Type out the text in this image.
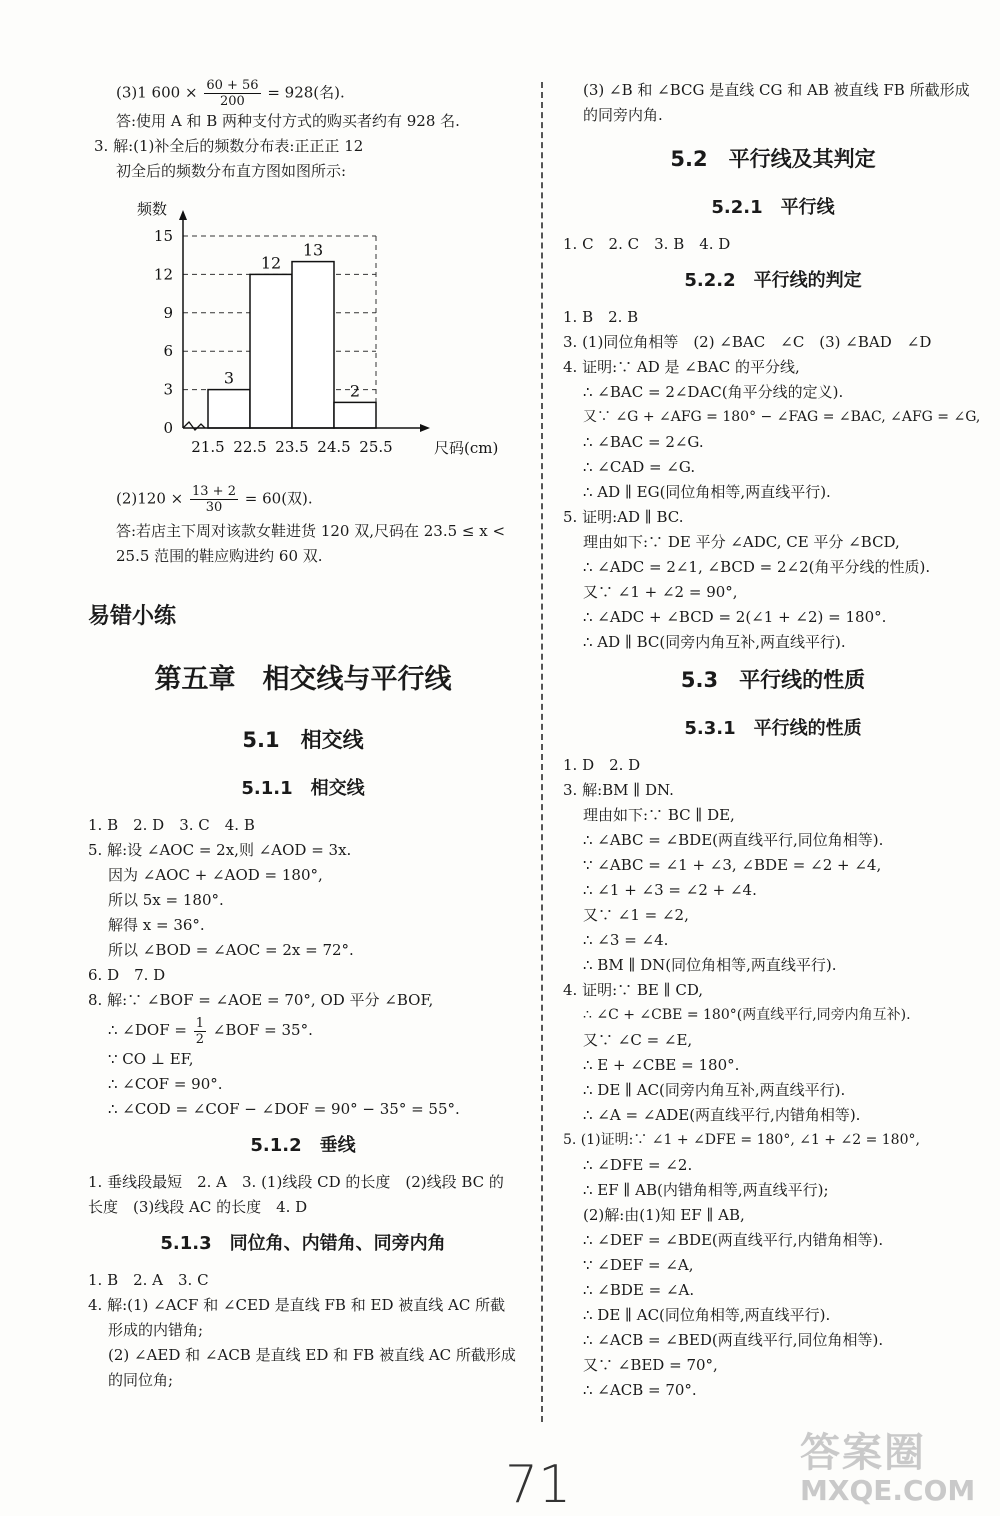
(3)1 $600 \times \frac{60 + 56}{200} = 928$(名).
答:使用 A 和 B 两种支付方式的购买者约有 928 名.
3. 解:(1)补全后的频数分布表:正正正 12
初全后的频数分布直方图如图所示:
3
12
13
2
0
3
6
9
12
15
21.5 22.5 23.5 24.5 25.5
频数
尺码(cm)
$(2)120 \times \frac{13 + 2}{30} = 60$(双).
答:若店主下周对该款女鞋进货 120 双,尺码在 23.5 ≤ x < 25.5 范围的鞋应购进约 60 双.
易错小练
第五章　相交线与平行线
5.1　相交线
5.1.1　相交线
1. B　2. D　3. C　4. B
5. 解:设 ∠AOC = 2x,则 ∠AOD = 3x.
因为 ∠AOC + ∠AOD = 180°,
所以 5x = 180°.
解得 x = 36°.
所以 ∠BOD = ∠AOC = 2x = 72°.
6. D　7. D
8. 解:∵ ∠BOF = ∠AOE = 70°, OD 平分 ∠BOF,
∴ ∠DOF = $\frac{1}{2}$ ∠BOF = 35°.
∵ CO ⊥ EF,
∴ ∠COF = 90°.
∴ ∠COD = ∠COF − ∠DOF = 90° − 35° = 55°.
5.1.2　垂线
1. 垂线段最短　2. A　3. (1)线段 CD 的长度　(2)线段 BC 的长度　(3)线段 AC 的长度　4. D
5.1.3　同位角、内错角、同旁内角
1. B　2. A　3. C
4. 解:(1) ∠ACF 和 ∠CED 是直线 FB 和 ED 被直线 AC 所截形成的内错角;
(2) ∠AED 和 ∠ACB 是直线 ED 和 FB 被直线 AC 所截形成的同位角;
(3) ∠B 和 ∠BCG 是直线 CG 和 AB 被直线 FB 所截形成的同旁内角.
5.2　平行线及其判定
5.2.1　平行线
1. C　2. C　3. B　4. D
5.2.2　平行线的判定
1. B　2. B
3. (1)同位角相等　(2) ∠BAC　∠C　(3) ∠BAD　∠D
4. 证明:∵ AD 是 ∠BAC 的平分线,
∴ ∠BAC = 2∠DAC(角平分线的定义).
又∵ ∠G + ∠AFG = 180° − ∠FAG = ∠BAC, ∠AFG = ∠G,
∴ ∠BAC = 2∠G.
∴ ∠CAD = ∠G.
∴ AD ∥ EG(同位角相等,两直线平行).
5. 证明:AD ∥ BC.
理由如下:∵ DE 平分 ∠ADC, CE 平分 ∠BCD,
∴ ∠ADC = 2∠1, ∠BCD = 2∠2(角平分线的性质).
又∵ ∠1 + ∠2 = 90°,
∴ ∠ADC + ∠BCD = 2(∠1 + ∠2) = 180°.
∴ AD ∥ BC(同旁内角互补,两直线平行).
5.3　平行线的性质
5.3.1　平行线的性质
1. D　2. D
3. 解:BM ∥ DN.
理由如下:∵ BC ∥ DE,
∴ ∠ABC = ∠BDE(两直线平行,同位角相等).
∵ ∠ABC = ∠1 + ∠3, ∠BDE = ∠2 + ∠4,
∴ ∠1 + ∠3 = ∠2 + ∠4.
又∵ ∠1 = ∠2,
∴ ∠3 = ∠4.
∴ BM ∥ DN(同位角相等,两直线平行).
4. 证明:∵ BE ∥ CD,
∴ ∠C + ∠CBE = 180°(两直线平行,同旁内角互补).
又∵ ∠C = ∠E,
∴ E + ∠CBE = 180°.
∴ DE ∥ AC(同旁内角互补,两直线平行).
∴ ∠A = ∠ADE(两直线平行,内错角相等).
5. (1)证明:∵ ∠1 + ∠DFE = 180°, ∠1 + ∠2 = 180°,
∴ ∠DFE = ∠2.
∴ EF ∥ AB(内错角相等,两直线平行);
(2)解:由(1)知 EF ∥ AB,
∴ ∠DEF = ∠BDE(两直线平行,内错角相等).
∵ ∠DEF = ∠A,
∴ ∠BDE = ∠A.
∴ DE ∥ AC(同位角相等,两直线平行).
∴ ∠ACB = ∠BED(两直线平行,同位角相等).
又∵ ∠BED = 70°,
∴ ∠ACB = 70°.
71
答案圈
MXQE.COM
